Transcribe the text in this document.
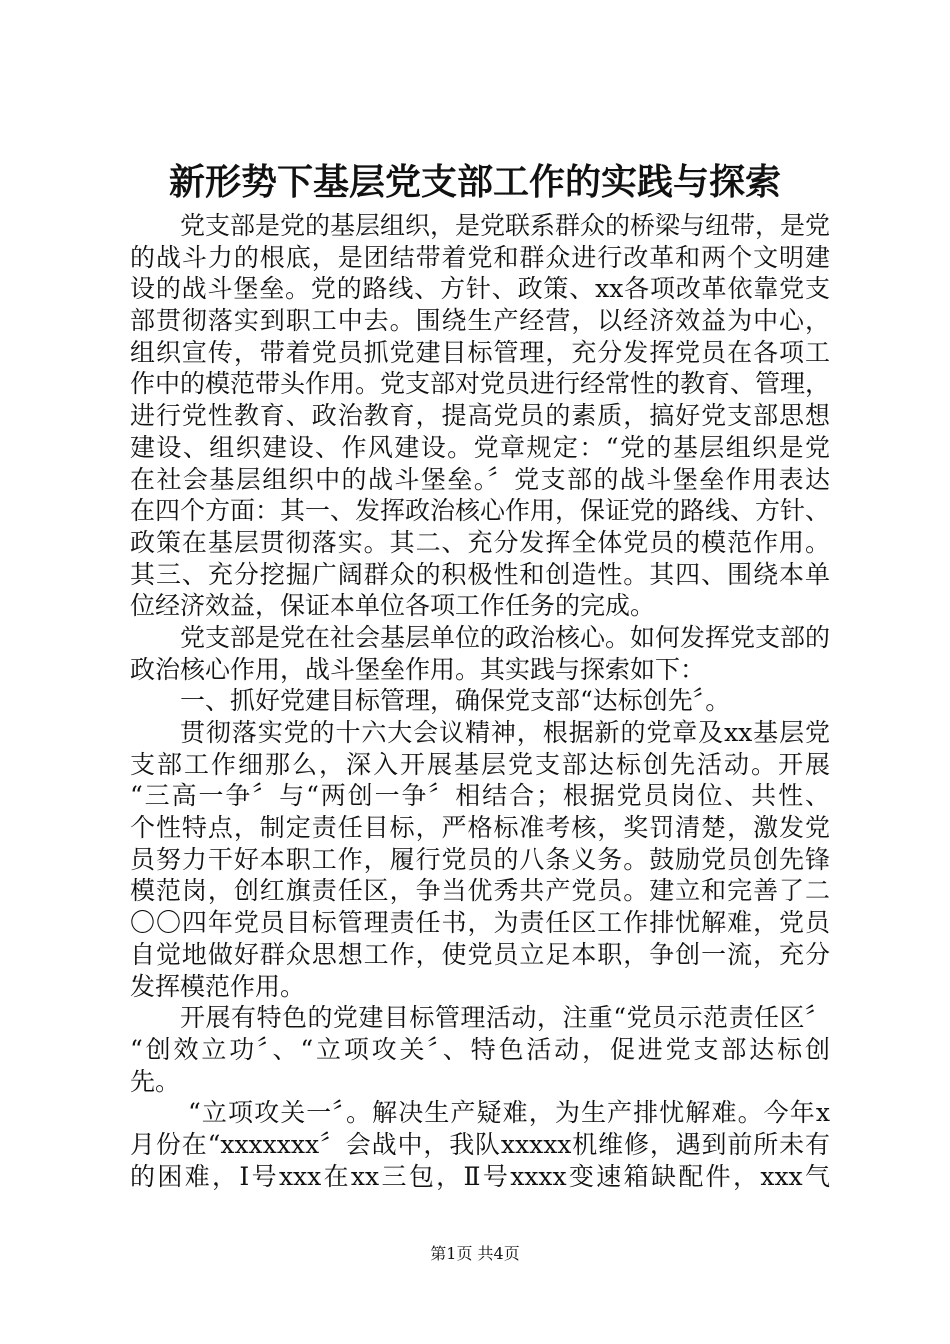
新形势下基层党支部工作的实践与探索
党支部是党的基层组织，是党联系群众的桥梁与纽带，是党
的战斗力的根底，是团结带着党和群众进行改革和两个文明建
设的战斗堡垒。党的路线、方针、政策、xx各项改革依靠党支
部贯彻落实到职工中去。围绕生产经营，以经济效益为中心，
组织宣传，带着党员抓党建目标管理，充分发挥党员在各项工
作中的模范带头作用。党支部对党员进行经常性的教育、管理，
进行党性教育、政治教育，提高党员的素质，搞好党支部思想
建设、组织建设、作风建设。党章规定：“党的基层组织是党
在社会基层组织中的战斗堡垒。〞党支部的战斗堡垒作用表达
在四个方面：其一、发挥政治核心作用，保证党的路线、方针、
政策在基层贯彻落实。其二、充分发挥全体党员的模范作用。
其三、充分挖掘广阔群众的积极性和创造性。其四、围绕本单
位经济效益，保证本单位各项工作任务的完成。
党支部是党在社会基层单位的政治核心。如何发挥党支部的
政治核心作用，战斗堡垒作用。其实践与探索如下：
一、抓好党建目标管理，确保党支部“达标创先〞。
贯彻落实党的十六大会议精神，根据新的党章及xx基层党
支部工作细那么，深入开展基层党支部达标创先活动。开展
“三高一争〞与“两创一争〞相结合；根据党员岗位、共性、
个性特点，制定责任目标，严格标准考核，奖罚清楚，激发党
员努力干好本职工作，履行党员的八条义务。鼓励党员创先锋
模范岗，创红旗责任区，争当优秀共产党员。建立和完善了二
〇〇四年党员目标管理责任书，为责任区工作排忧解难，党员
自觉地做好群众思想工作，使党员立足本职，争创一流，充分
发挥模范作用。
开展有特色的党建目标管理活动，注重“党员示范责任区〞
“创效立功〞、“立项攻关〞、特色活动，促进党支部达标创
先。
“立项攻关一〞。解决生产疑难，为生产排忧解难。今年x
月份在“xxxxxxx〞会战中，我队xxxxx机维修，遇到前所未有
的困难，Ⅰ号xxx在xx三包，Ⅱ号xxxx变速箱缺配件，xxx气
第1页 共4页
